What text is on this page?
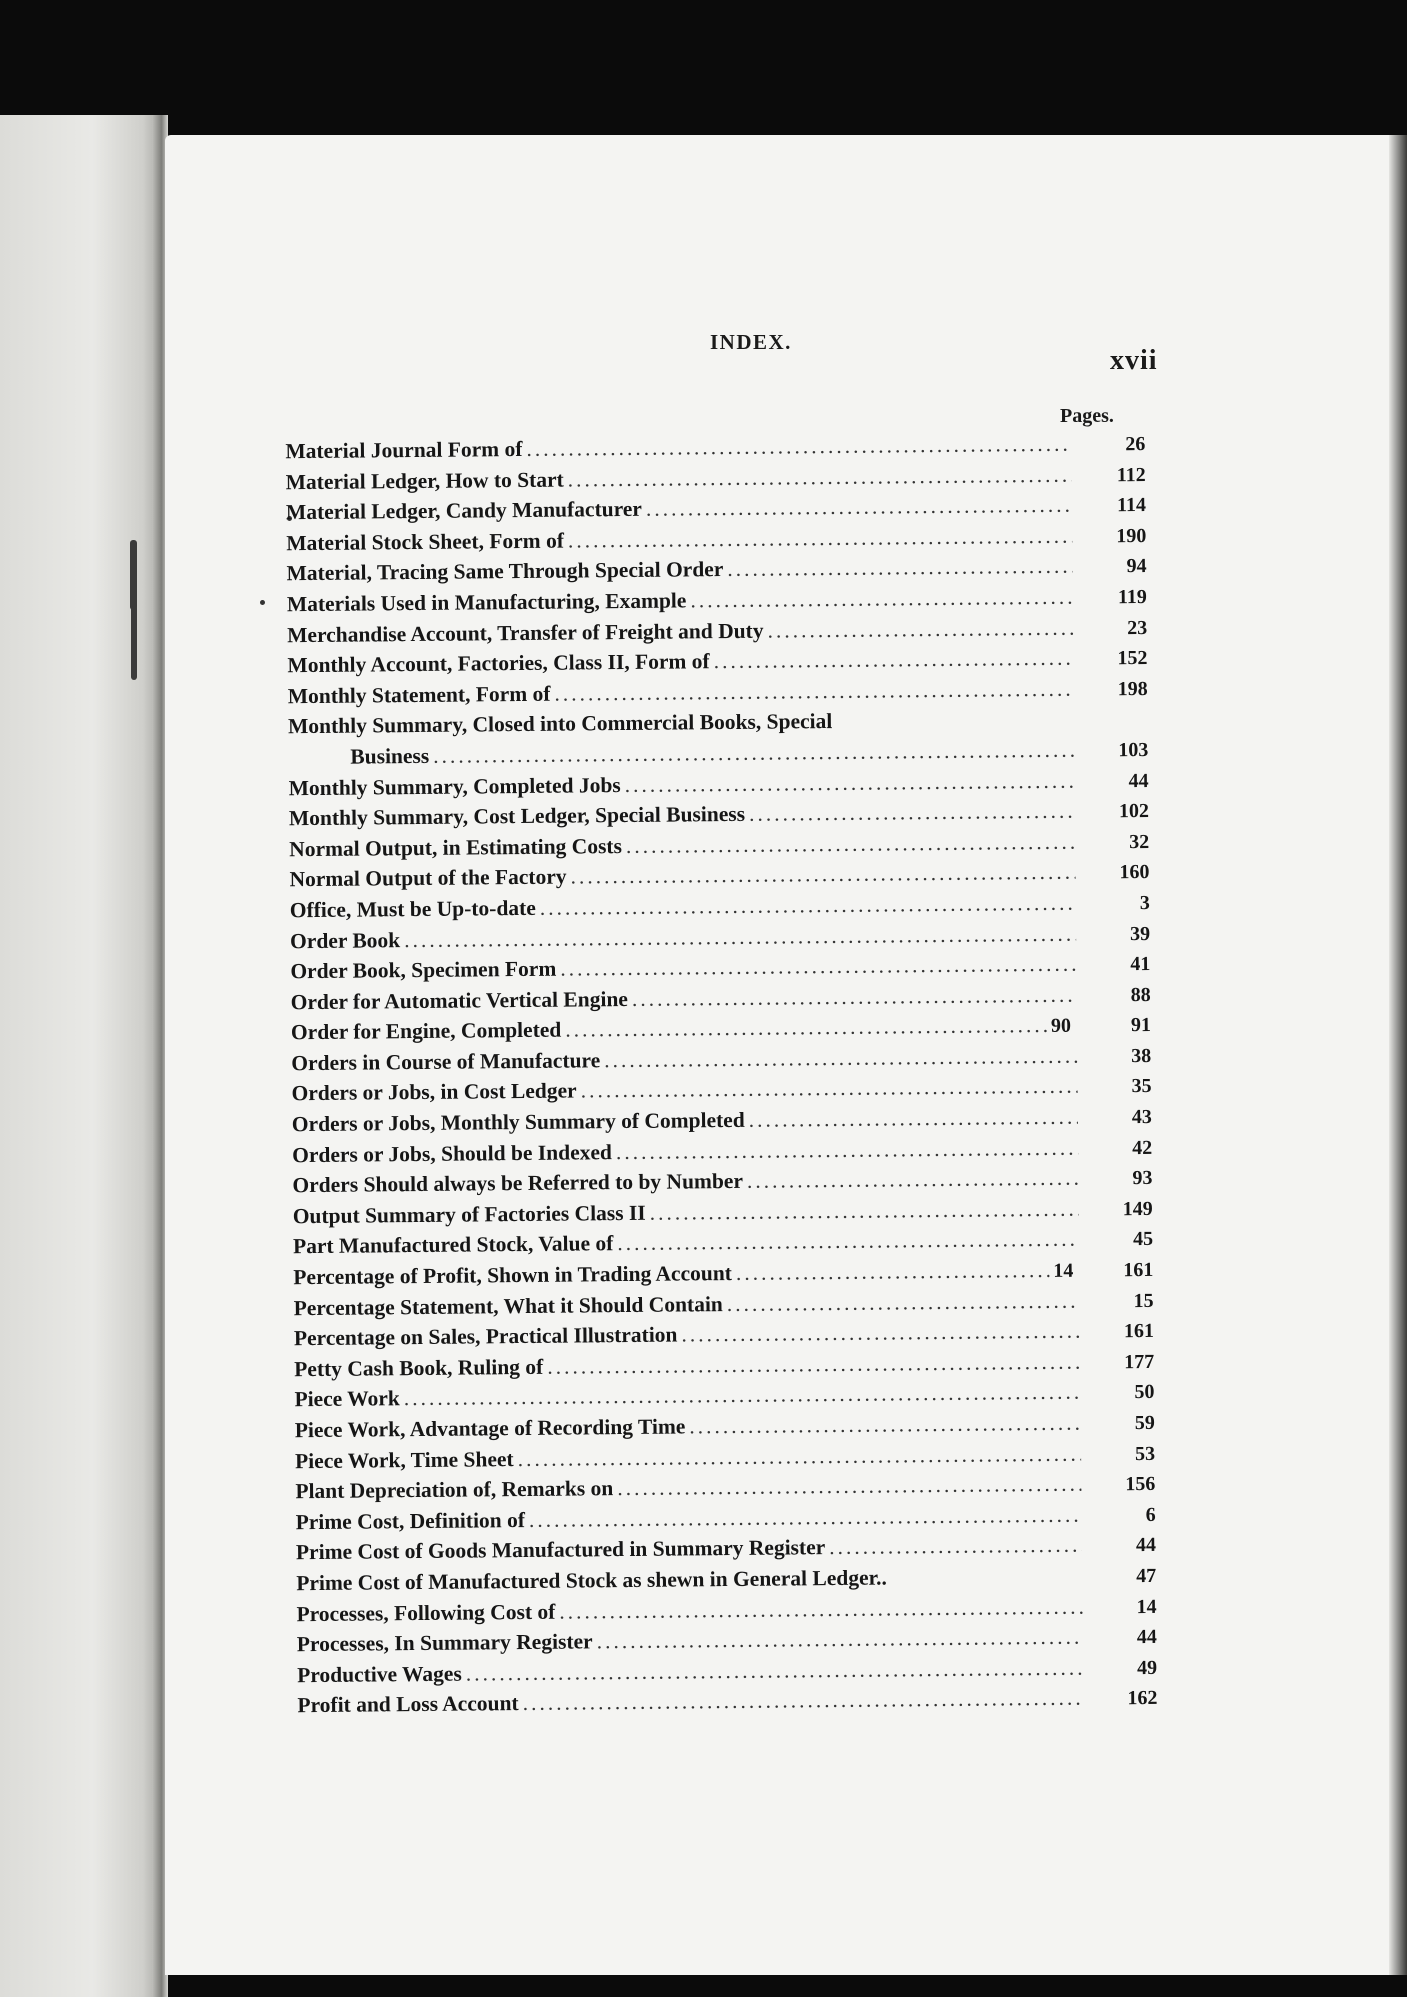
INDEX.
xvii
Pages.
Material Journal Form of .....	26
Material Ledger, How to Start .....	112
Material Ledger, Candy Manufacturer .....	114
Material Stock Sheet, Form of .....	190
Material, Tracing Same Through Special Order .....	94
Materials Used in Manufacturing, Example .....	119
Merchandise Account, Transfer of Freight and Duty .....	23
Monthly Account, Factories, Class II, Form of .....	152
Monthly Statement, Form of .....	198
Monthly Summary, Closed into Commercial Books, Special
Business .....	103
Monthly Summary, Completed Jobs .....	44
Monthly Summary, Cost Ledger, Special Business .....	102
Normal Output, in Estimating Costs .....	32
Normal Output of the Factory .....	160
Office, Must be Up-to-date .....	3
Order Book .....	39
Order Book, Specimen Form .....	41
Order for Automatic Vertical Engine .....	88
Order for Engine, Completed .....	90	91
Orders in Course of Manufacture .....	38
Orders or Jobs, in Cost Ledger .....	35
Orders or Jobs, Monthly Summary of Completed .....	43
Orders or Jobs, Should be Indexed .....	42
Orders Should always be Referred to by Number .....	93
Output Summary of Factories Class II .....	149
Part Manufactured Stock, Value of .....	45
Percentage of Profit, Shown in Trading Account .....	14	161
Percentage Statement, What it Should Contain .....	15
Percentage on Sales, Practical Illustration .....	161
Petty Cash Book, Ruling of .....	177
Piece Work .....	50
Piece Work, Advantage of Recording Time .....	59
Piece Work, Time Sheet .....	53
Plant Depreciation of, Remarks on .....	156
Prime Cost, Definition of .....	6
Prime Cost of Goods Manufactured in Summary Register .....	44
Prime Cost of Manufactured Stock as shewn in General Ledger..	47
Processes, Following Cost of .....	14
Processes, In Summary Register .....	44
Productive Wages .....	49
Profit and Loss Account .....	162
